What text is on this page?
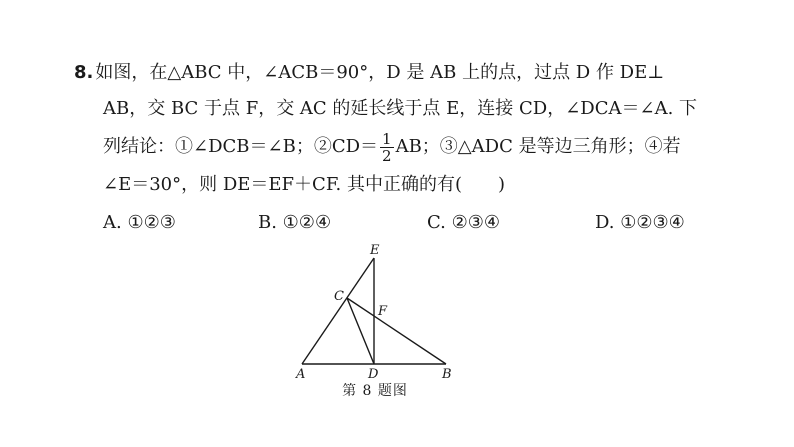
8. 如图，在△ABC 中，∠ACB＝90°，D 是 AB 上的点，过点 D 作 DE⊥
AB，交 BC 于点 F，交 AC 的延长线于点 E，连接 CD，∠DCA＝∠A. 下
列结论：①∠DCB＝∠B；②CD＝ $\frac{1}{2}$ AB；③△ADC 是等边三角形；④若
∠E＝30°，则 DE＝EF＋CF. 其中正确的有(　　)
A. ①②③	B. ①②④	C. ②③④	D. ①②③④
E
C
F
A	D	B
第 8 题图
